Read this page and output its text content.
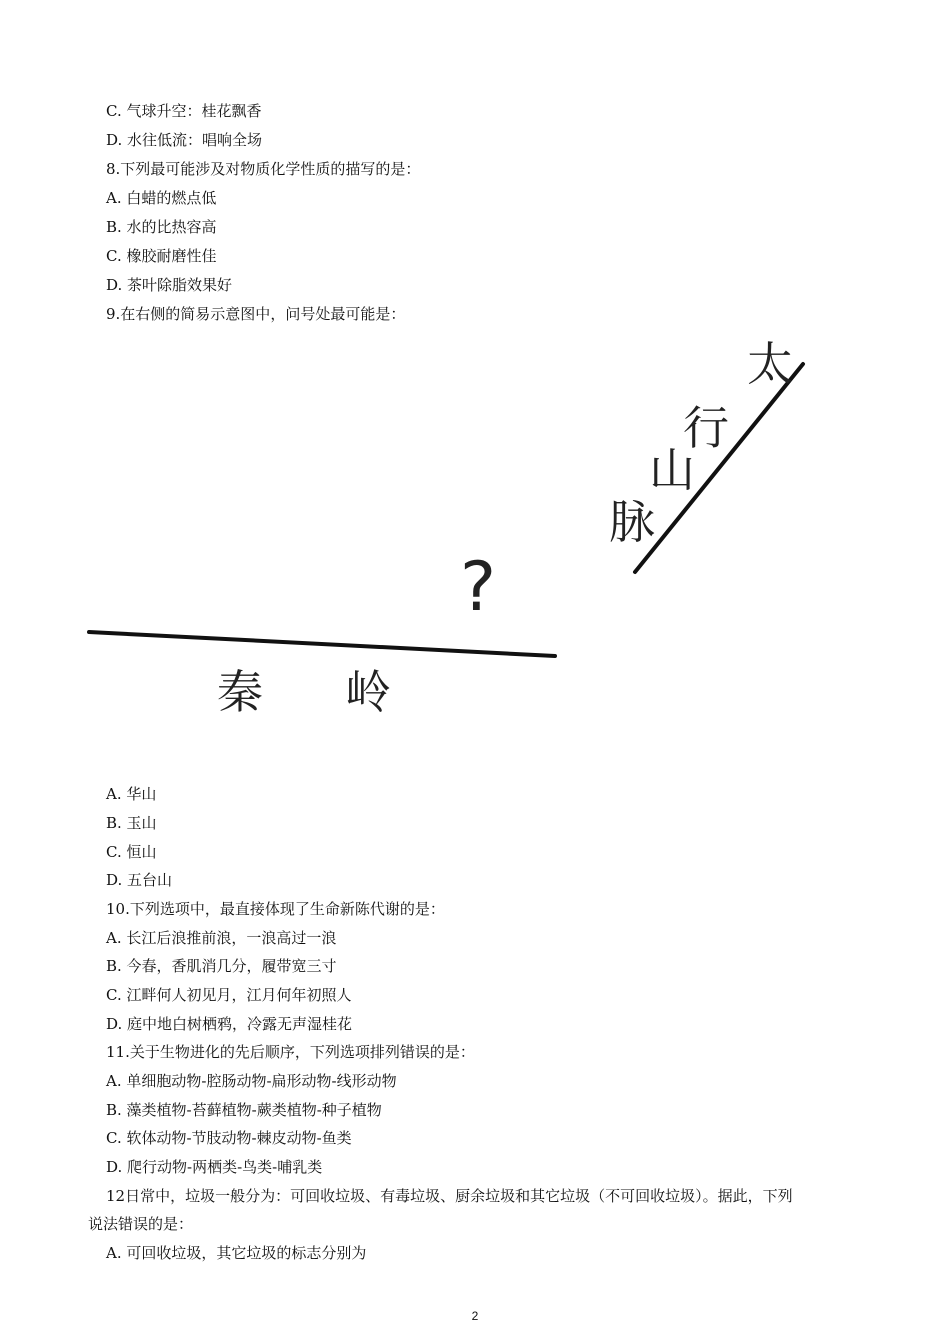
C. 气球升空：桂花飘香
D. 水往低流：唱响全场
8.下列最可能涉及对物质化学性质的描写的是：
A. 白蜡的燃点低
B. 水的比热容高
C. 橡胶耐磨性佳
D. 茶叶除脂效果好
9.在右侧的简易示意图中，问号处最可能是：
太
行
山
脉
?
秦 岭
A. 华山
B. 玉山
C. 恒山
D. 五台山
10.下列选项中，最直接体现了生命新陈代谢的是：
A. 长江后浪推前浪，一浪高过一浪
B. 今春，香肌消几分，履带宽三寸
C. 江畔何人初见月，江月何年初照人
D. 庭中地白树栖鸦，冷露无声湿桂花
11.关于生物进化的先后顺序，下列选项排列错误的是：
A. 单细胞动物-腔肠动物-扁形动物-线形动物
B. 藻类植物-苔藓植物-蕨类植物-种子植物
C. 软体动物-节肢动物-棘皮动物-鱼类
D. 爬行动物-两栖类-鸟类-哺乳类
12日常中，垃圾一般分为：可回收垃圾、有毒垃圾、厨余垃圾和其它垃圾（不可回收垃圾）。据此，下列
说法错误的是：
A. 可回收垃圾，其它垃圾的标志分别为
2
